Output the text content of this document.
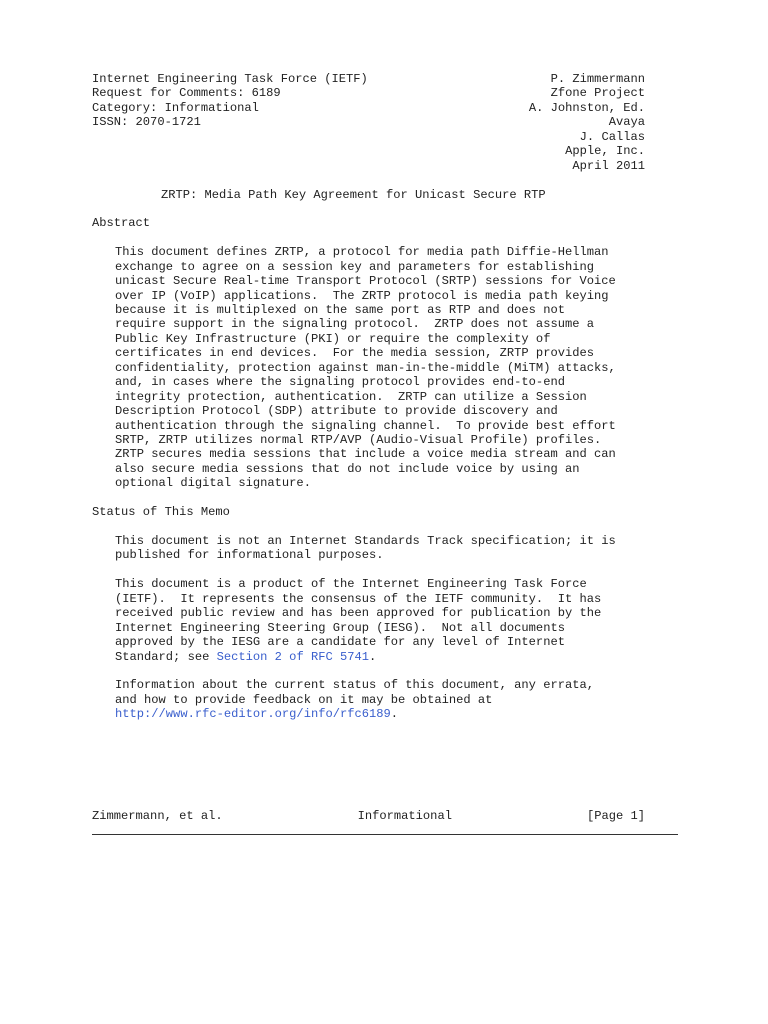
Internet Engineering Task Force (IETF)
Request for Comments: 6189
Category: Informational
ISSN: 2070-1721
P. Zimmermann
Zfone Project
A. Johnston, Ed.
Avaya
J. Callas
Apple, Inc.
April 2011
ZRTP: Media Path Key Agreement for Unicast Secure RTP
Abstract
This document defines ZRTP, a protocol for media path Diffie-Hellman
exchange to agree on a session key and parameters for establishing
unicast Secure Real-time Transport Protocol (SRTP) sessions for Voice
over IP (VoIP) applications.  The ZRTP protocol is media path keying
because it is multiplexed on the same port as RTP and does not
require support in the signaling protocol.  ZRTP does not assume a
Public Key Infrastructure (PKI) or require the complexity of
certificates in end devices.  For the media session, ZRTP provides
confidentiality, protection against man-in-the-middle (MiTM) attacks,
and, in cases where the signaling protocol provides end-to-end
integrity protection, authentication.  ZRTP can utilize a Session
Description Protocol (SDP) attribute to provide discovery and
authentication through the signaling channel.  To provide best effort
SRTP, ZRTP utilizes normal RTP/AVP (Audio-Visual Profile) profiles.
ZRTP secures media sessions that include a voice media stream and can
also secure media sessions that do not include voice by using an
optional digital signature.
Status of This Memo
This document is not an Internet Standards Track specification; it is
published for informational purposes.
This document is a product of the Internet Engineering Task Force
(IETF).  It represents the consensus of the IETF community.  It has
received public review and has been approved for publication by the
Internet Engineering Steering Group (IESG).  Not all documents
approved by the IESG are a candidate for any level of Internet
Standard; see Section 2 of RFC 5741.
Information about the current status of this document, any errata,
and how to provide feedback on it may be obtained at
http://www.rfc-editor.org/info/rfc6189.
Zimmermann, et al.	Informational	[Page 1]
